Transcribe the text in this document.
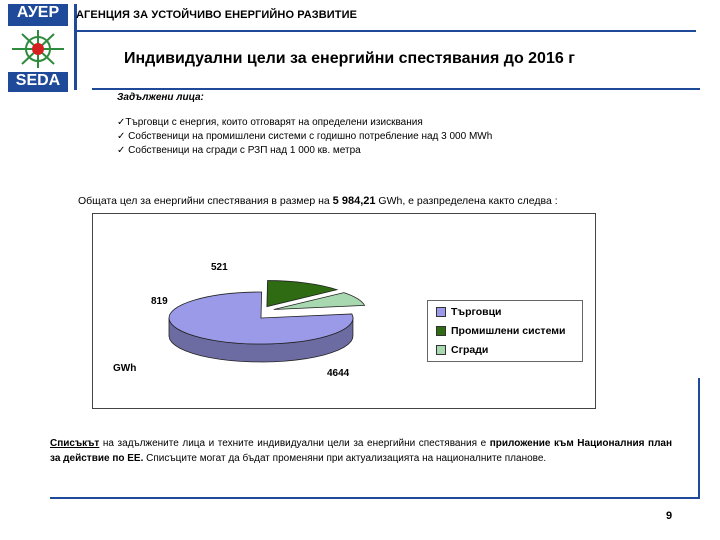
АУЕР
SEDA
АГЕНЦИЯ ЗА УСТОЙЧИВО ЕНЕРГИЙНО РАЗВИТИЕ
Индивидуални цели за енергийни спестявания до 2016 г
Задължени лица:
✓Търговци с енергия, които отговарят на определени изисквания
✓ Собственици на промишлени системи с годишно потребление над 3 000 MWh
✓ Собственици на сгради с РЗП над 1 000 кв. метра
Общата цел за енергийни спестявания в размер на 5 984,21 GWh, е разпределена както следва :
521
819
4644
GWh
Търговци
Промишлени системи
Сгради
Списъкът на задължените лица и техните индивидуални цели за енергийни спестявания е приложение към Националния план за действие по ЕЕ. Списъците могат да бъдат променяни при актуализацията на националните планове.
9
